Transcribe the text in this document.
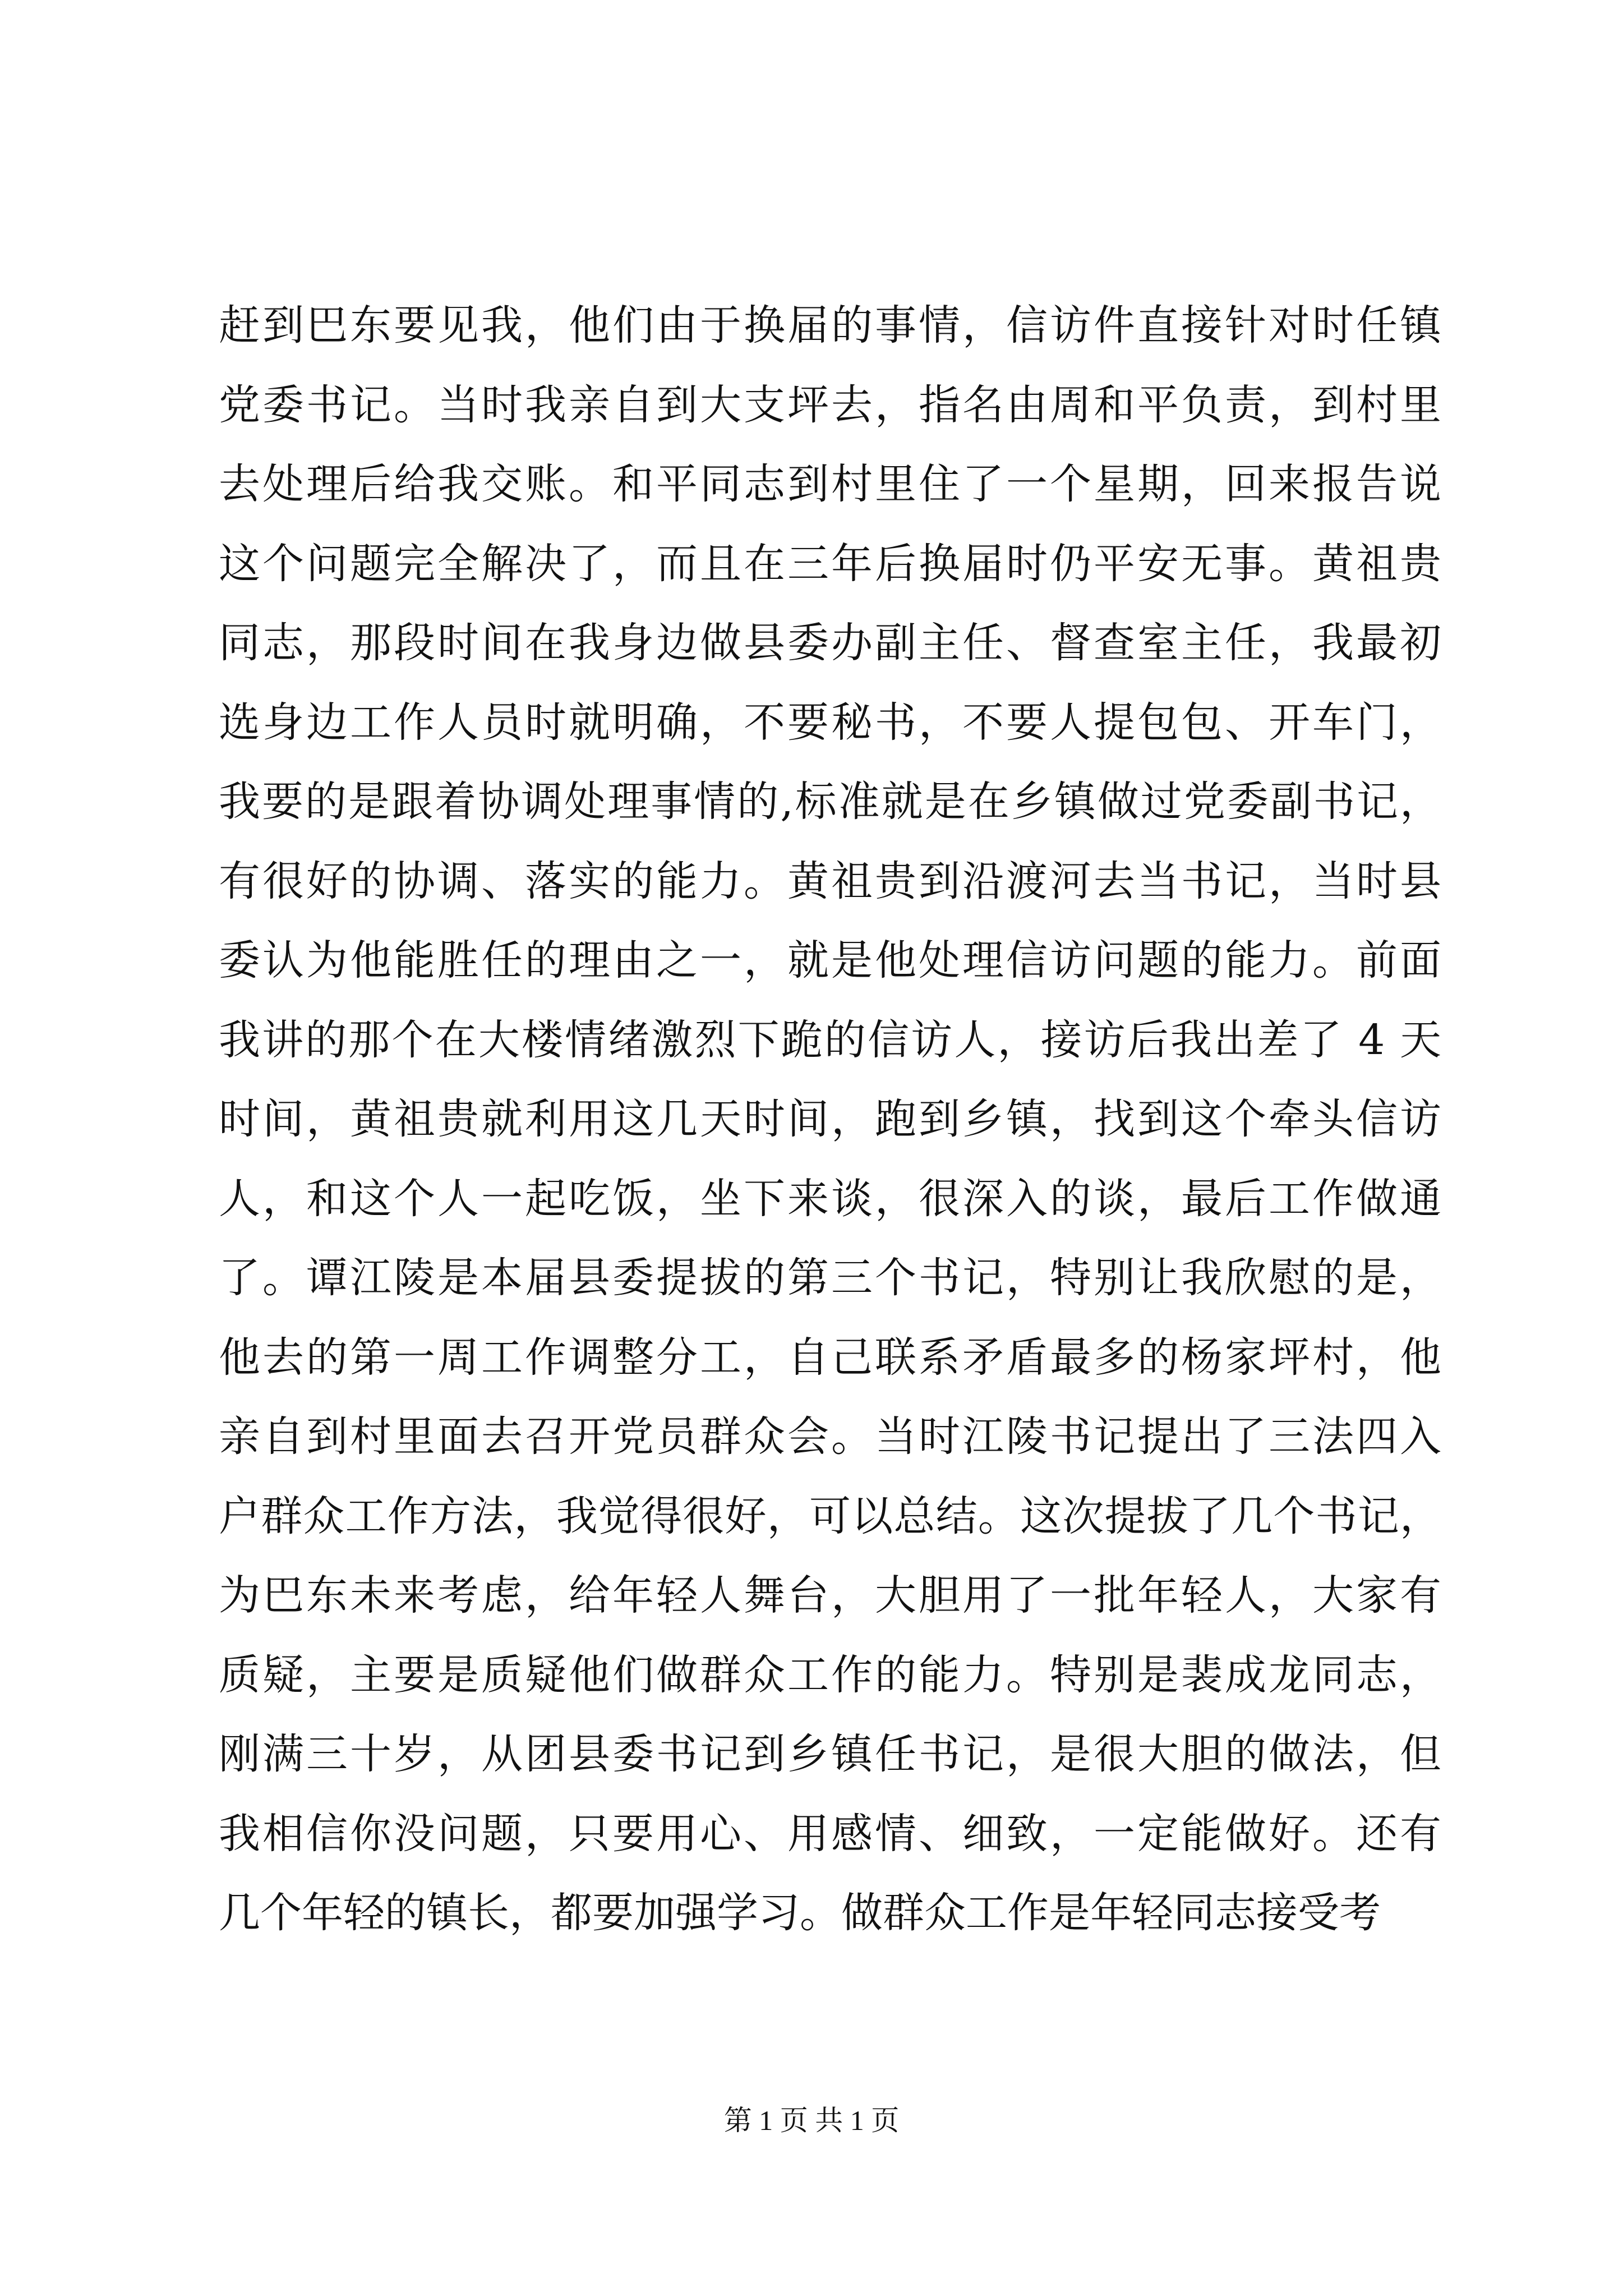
赶到巴东要见我，他们由于换届的事情，信访件直接针对时任镇
党委书记。当时我亲自到大支坪去，指名由周和平负责，到村里
去处理后给我交账。和平同志到村里住了一个星期，回来报告说
这个问题完全解决了，而且在三年后换届时仍平安无事。黄祖贵
同志，那段时间在我身边做县委办副主任、督查室主任，我最初
选身边工作人员时就明确，不要秘书，不要人提包包、开车门，
我要的是跟着协调处理事情的,标准就是在乡镇做过党委副书记，
有很好的协调、落实的能力。黄祖贵到沿渡河去当书记，当时县
委认为他能胜任的理由之一，就是他处理信访问题的能力。前面
我讲的那个在大楼情绪激烈下跪的信访人，接访后我出差了 4 天
时间，黄祖贵就利用这几天时间，跑到乡镇，找到这个牵头信访
人，和这个人一起吃饭，坐下来谈，很深入的谈，最后工作做通
了。谭江陵是本届县委提拔的第三个书记，特别让我欣慰的是，
他去的第一周工作调整分工，自己联系矛盾最多的杨家坪村，他
亲自到村里面去召开党员群众会。当时江陵书记提出了三法四入
户群众工作方法，我觉得很好，可以总结。这次提拔了几个书记，
为巴东未来考虑，给年轻人舞台，大胆用了一批年轻人，大家有
质疑，主要是质疑他们做群众工作的能力。特别是裴成龙同志，
刚满三十岁，从团县委书记到乡镇任书记，是很大胆的做法，但
我相信你没问题，只要用心、用感情、细致，一定能做好。还有
几个年轻的镇长，都要加强学习。做群众工作是年轻同志接受考
第 1 页 共 1 页
